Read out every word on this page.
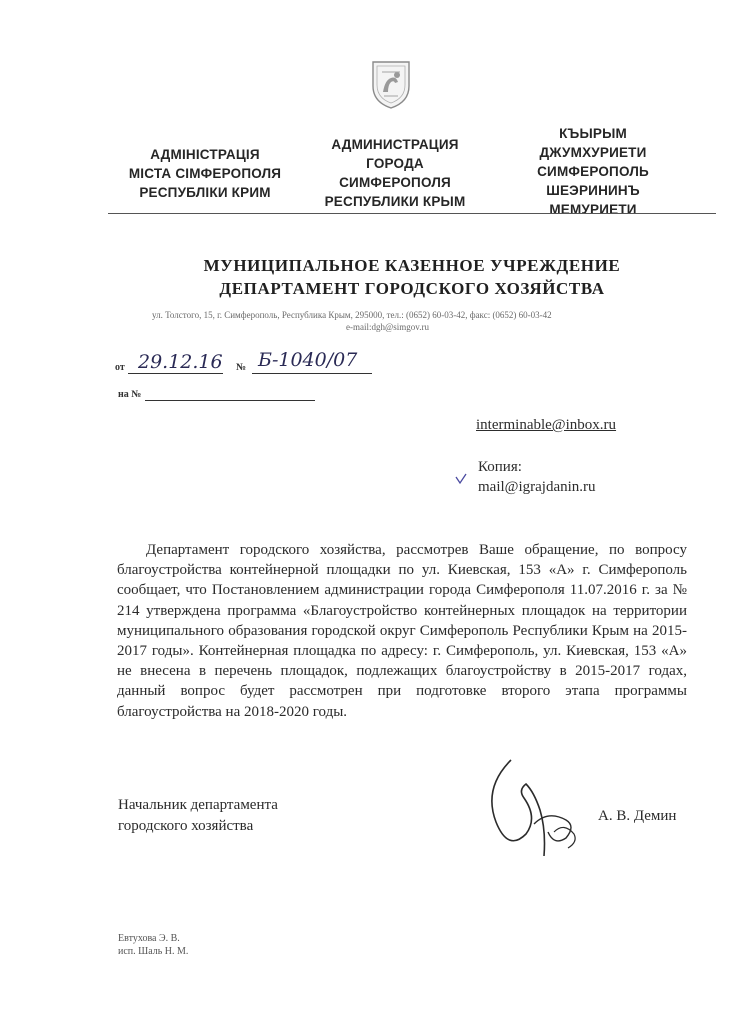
АДМІНІСТРАЦІЯ
МІСТА СІМФЕРОПОЛЯ
РЕСПУБЛІКИ КРИМ
АДМИНИСТРАЦИЯ
ГОРОДА
СИМФЕРОПОЛЯ
РЕСПУБЛИКИ КРЫМ
КЪЫРЫМ
ДЖУМХУРИЕТИ
СИМФЕРОПОЛЬ
ШЕЭРИНИНЪ
МЕМУРИЕТИ
МУНИЦИПАЛЬНОЕ КАЗЕННОЕ УЧРЕЖДЕНИЕ
ДЕПАРТАМЕНТ ГОРОДСКОГО ХОЗЯЙСТВА
ул. Толстого, 15, г. Симферополь, Республика Крым, 295000, тел.: (0652) 60-03-42, факс: (0652) 60-03-42
e-mail:dgh@simgov.ru
от 29.12.16 № Б-1040/07
на №
interminable@inbox.ru
Копия:
mail@igrajdanin.ru

Департамент городского хозяйства, рассмотрев Ваше обращение, по вопросу благоустройства контейнерной площадки по ул. Киевская, 153 «А» г. Симферополь сообщает, что Постановлением администрации города Симферополя 11.07.2016 г. за № 214 утверждена программа «Благоустройство контейнерных площадок на территории муниципального образования городской округ Симферополь Республики Крым на 2015-2017 годы». Контейнерная площадка по адресу: г. Симферополь, ул. Киевская, 153 «А» не внесена в перечень площадок, подлежащих благоустройству в 2015-2017 годах, данный вопрос будет рассмотрен при подготовке второго этапа программы благоустройства на 2018-2020 годы.

Начальник департамента
городского хозяйства
А. В. Демин
Евтухова Э. В.
исп. Шаль Н. М.
